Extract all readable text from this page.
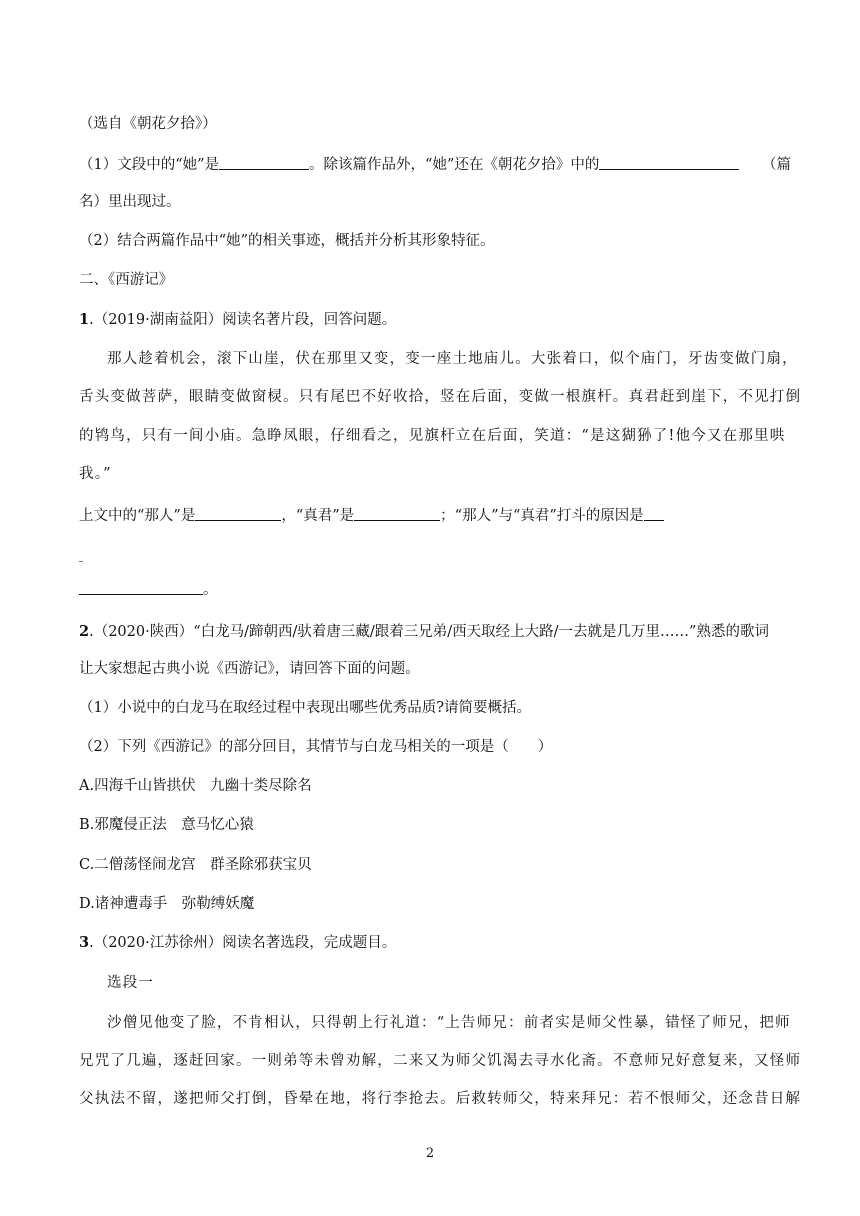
（选自《朝花夕拾》）
（1）文段中的“她”是	。除该篇作品外，“她”还在《朝花夕拾》中的	（篇
名）里出现过。
（2）结合两篇作品中“她”的相关事迹，概括并分析其形象特征。
二、《西游记》
1.（2019·湖南益阳）阅读名著片段，回答问题。
那人趁着机会，滚下山崖，伏在那里又变，变一座土地庙儿。大张着口，似个庙门，牙齿变做门扇，
舌头变做菩萨，眼睛变做窗棂。只有尾巴不好收拾，竖在后面，变做一根旗杆。真君赶到崖下，不见打倒
的鸨鸟，只有一间小庙。急睁凤眼，仔细看之，见旗杆立在后面，笑道：“是这猢狲了!他今又在那里哄
我。”
上文中的“那人”是	，“真君”是	；“那人”与“真君”打斗的原因是
。
2.（2020·陕西）“白龙马/蹄朝西/驮着唐三藏/跟着三兄弟/西天取经上大路/一去就是几万里……”熟悉的歌词
让大家想起古典小说《西游记》，请回答下面的问题。
（1）小说中的白龙马在取经过程中表现出哪些优秀品质?请简要概括。
（2）下列《西游记》的部分回目，其情节与白龙马相关的一项是（　　）
A.四海千山皆拱伏　九幽十类尽除名
B.邪魔侵正法　意马忆心猿
C.二僧荡怪闹龙宫　群圣除邪获宝贝
D.诸神遭毒手　弥勒缚妖魔
3.（2020·江苏徐州）阅读名著选段，完成题目。
选段一
沙僧见他变了脸，不肯相认，只得朝上行礼道：“上告师兄：前者实是师父性暴，错怪了师兄，把师
兄咒了几遍，逐赶回家。一则弟等未曾劝解，二来又为师父饥渴去寻水化斋。不意师兄好意复来，又怪师
父执法不留，遂把师父打倒，昏晕在地，将行李抢去。后救转师父，特来拜兄：若不恨师父，还念昔日解
2
